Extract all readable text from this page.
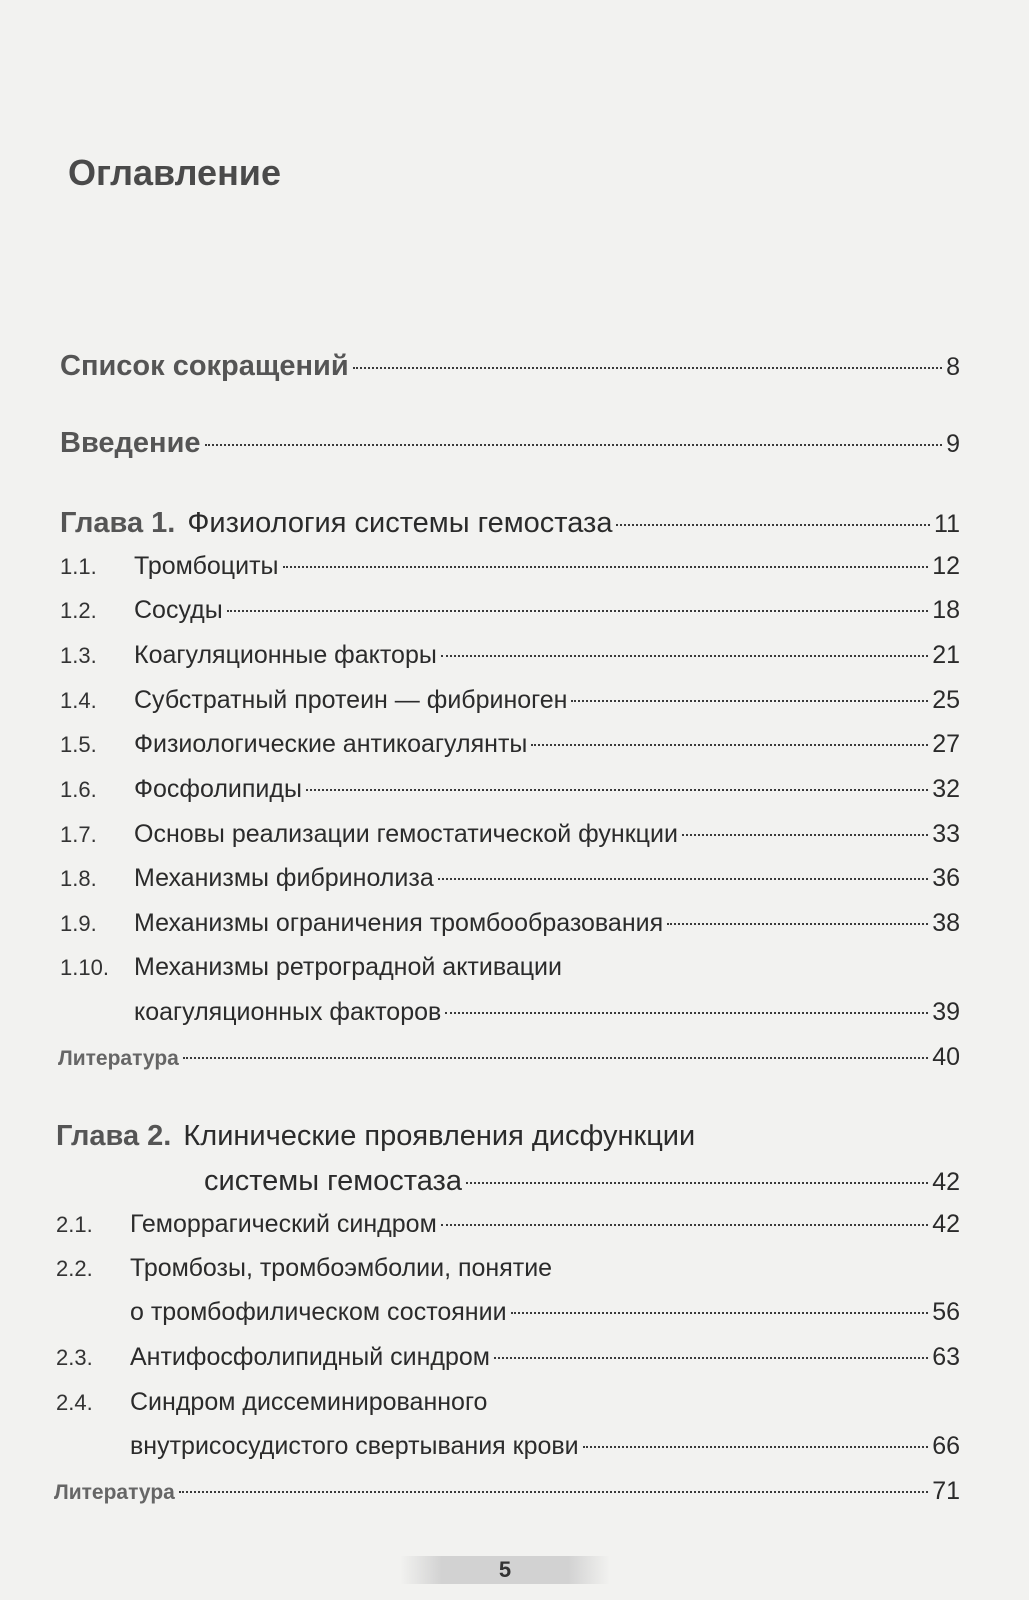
Оглавление
Список сокращений	8
Введение	9
Глава 1. Физиология системы гемостаза	11
1.1.	Тромбоциты	12
1.2.	Сосуды	18
1.3.	Коагуляционные факторы	21
1.4.	Субстратный протеин — фибриноген	25
1.5.	Физиологические антикоагулянты	27
1.6.	Фосфолипиды	32
1.7.	Основы реализации гемостатической функции	33
1.8.	Механизмы фибринолиза	36
1.9.	Механизмы ограничения тромбообразования	38
1.10. Механизмы ретроградной активации
коагуляционных факторов	39
Литература	40
Глава 2. Клинические проявления дисфункции
системы гемостаза	42
2.1.	Геморрагический синдром	42
2.2. Тромбозы, тромбоэмболии, понятие
о тромбофилическом состоянии	56
2.3.	Антифосфолипидный синдром	63
2.4. Синдром диссеминированного
внутрисосудистого свертывания крови	66
Литература	71
5
